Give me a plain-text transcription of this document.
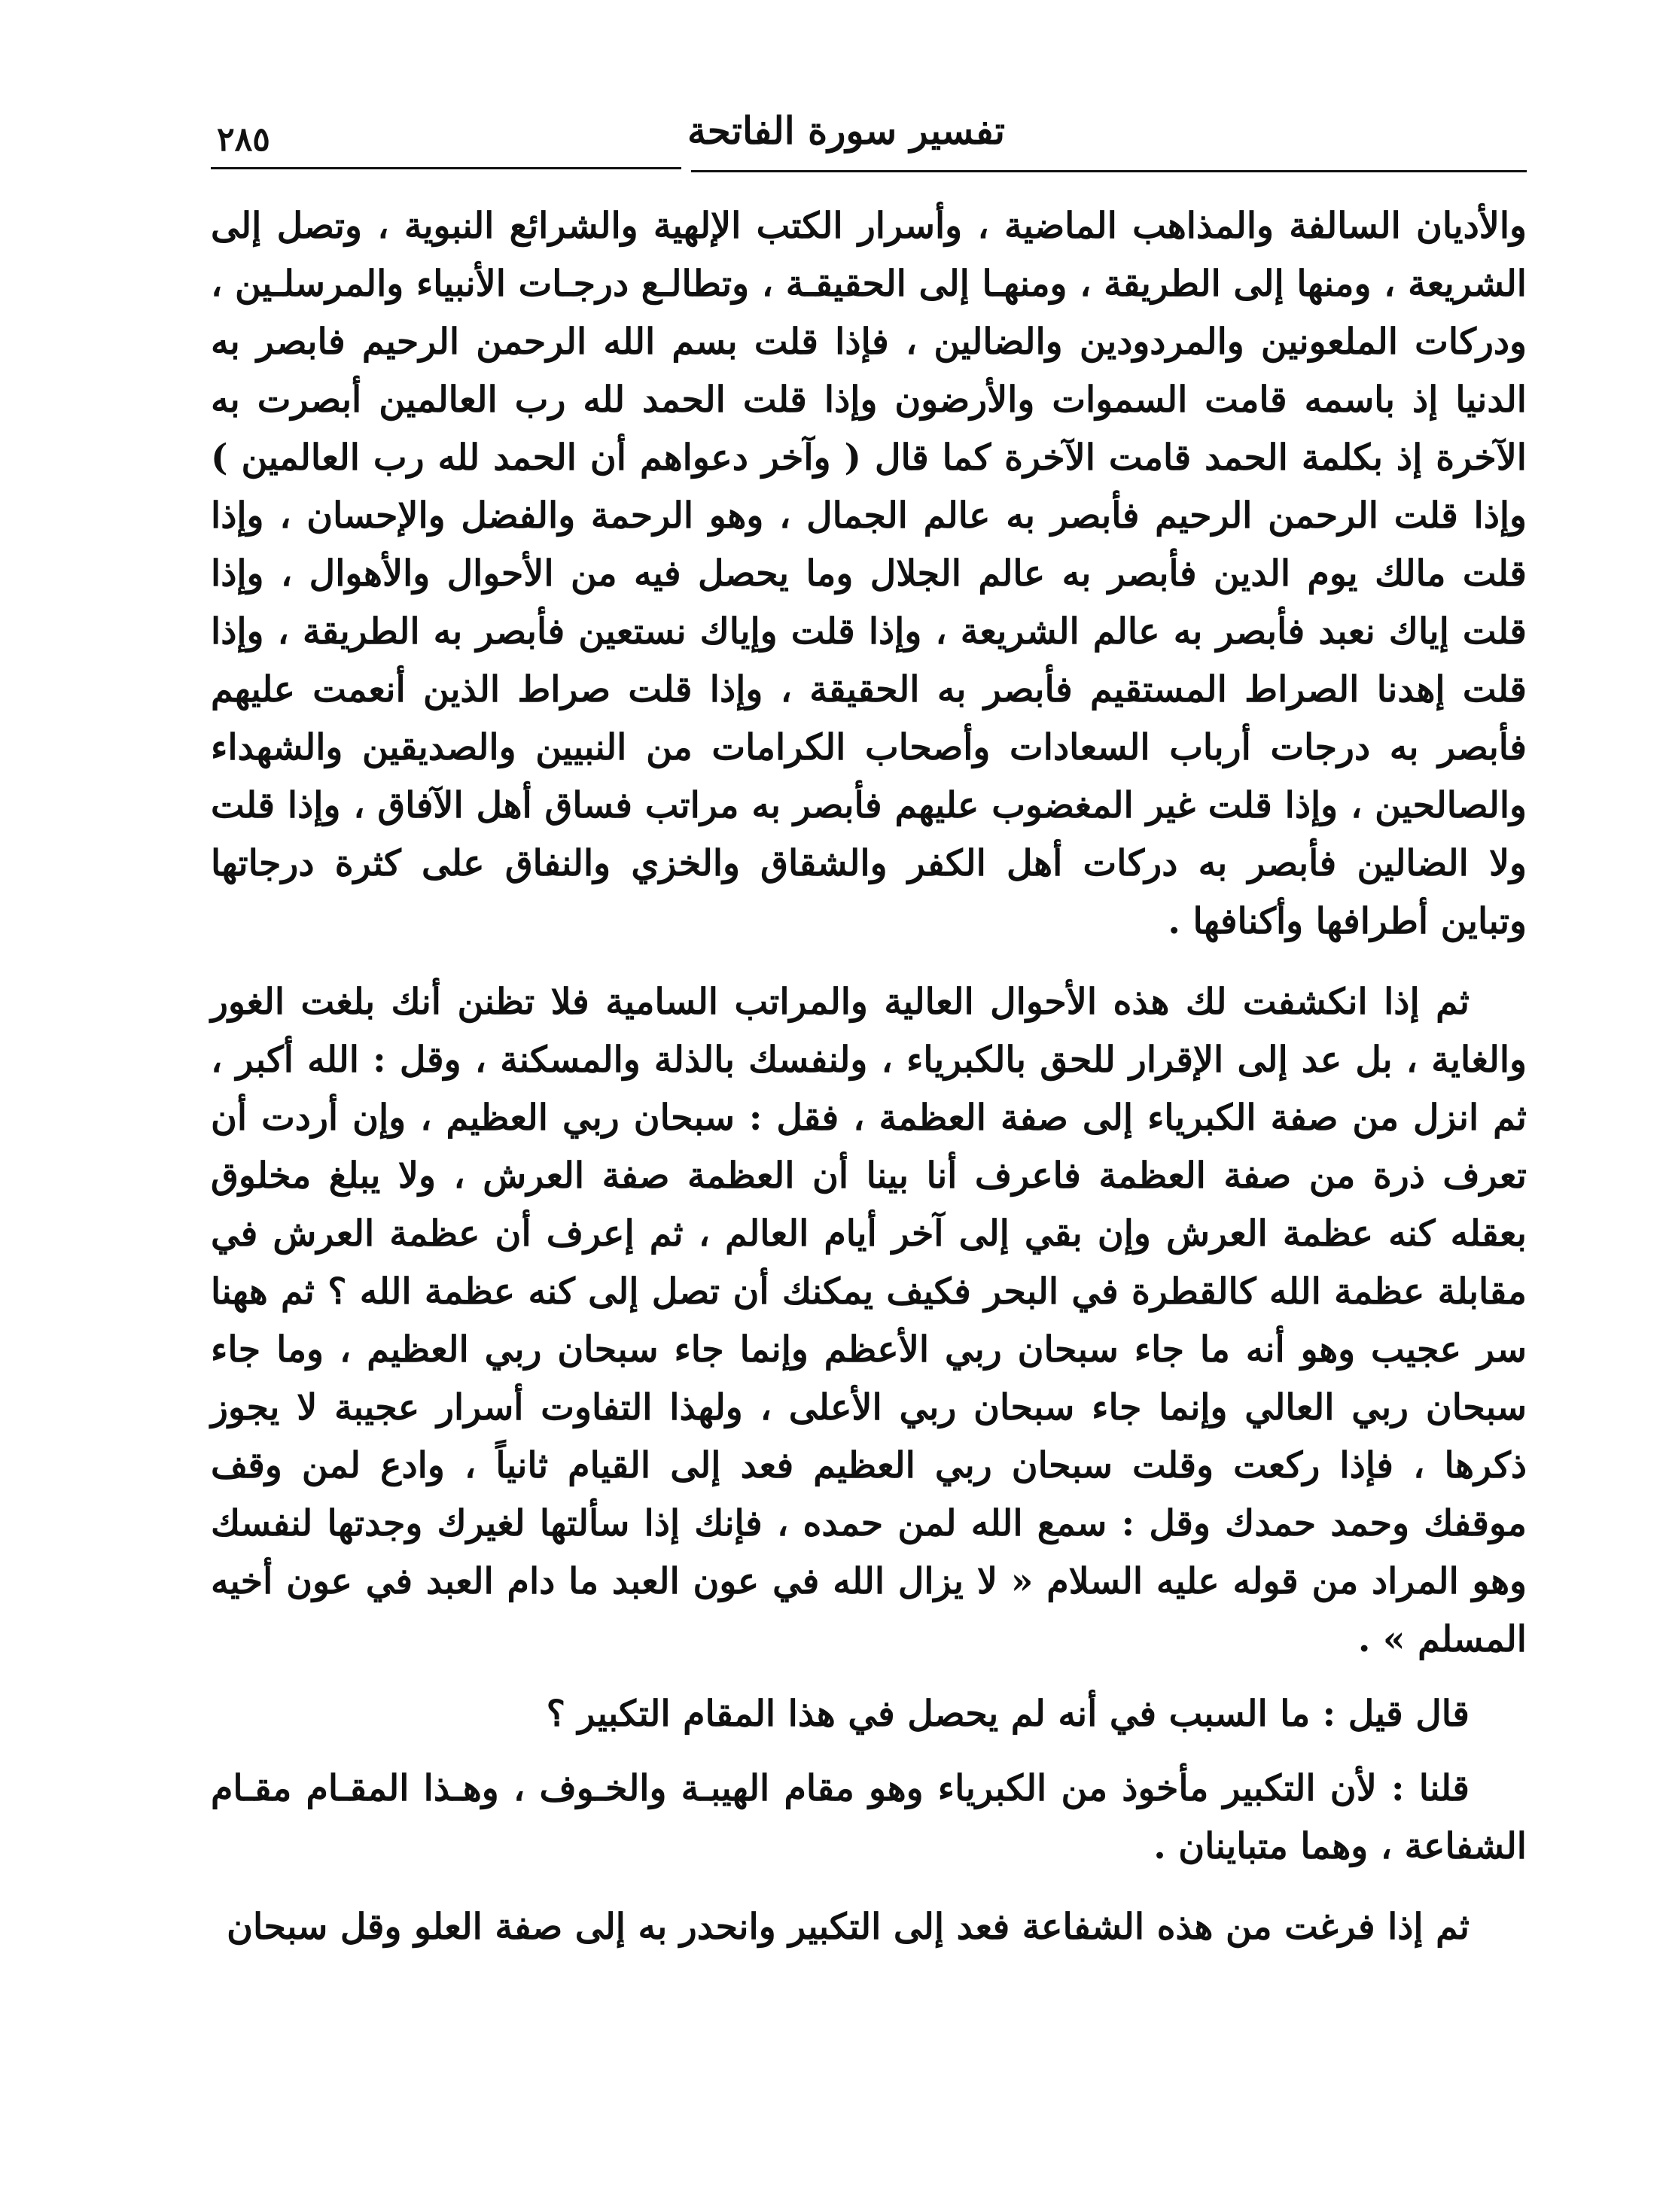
تفسير سورة الفاتحة
٢٨٥

والأديان السالفة والمذاهب الماضية ، وأسرار الكتب الإلهية والشرائع النبوية ، وتصل إلى الشريعة ، ومنها إلى الطريقة ، ومنهـا إلى الحقيقـة ، وتطالـع درجـات الأنبياء والمرسلـين ، ودركات الملعونين والمردودين والضالين ، فإذا قلت بسم الله الرحمن الرحيم فابصر به الدنيا إذ باسمه قامت السموات والأرضون وإذا قلت الحمد لله رب العالمين أبصرت به الآخرة إذ بكلمة الحمد قامت الآخرة كما قال ( وآخر دعواهم أن الحمد لله رب العالمين ) وإذا قلت الرحمن الرحيم فأبصر به عالم الجمال ، وهو الرحمة والفضل والإحسان ، وإذا قلت مالك يوم الدين فأبصر به عالم الجلال وما يحصل فيه من الأحوال والأهوال ، وإذا قلت إياك نعبد فأبصر به عالم الشريعة ، وإذا قلت وإياك نستعين فأبصر به الطريقة ، وإذا قلت إهدنا الصراط المستقيم فأبصر به الحقيقة ، وإذا قلت صراط الذين أنعمت عليهم فأبصر به درجات أرباب السعادات وأصحاب الكرامات من النبيين والصديقين والشهداء والصالحين ، وإذا قلت غير المغضوب عليهم فأبصر به مراتب فساق أهل الآفاق ، وإذا قلت ولا الضالين فأبصر به دركات أهل الكفر والشقاق والخزي والنفاق على كثرة درجاتها وتباين أطرافها وأكنافها .

ثم إذا انكشفت لك هذه الأحوال العالية والمراتب السامية فلا تظنن أنك بلغت الغور والغاية ، بل عد إلى الإقرار للحق بالكبرياء ، ولنفسك بالذلة والمسكنة ، وقل : الله أكبر ، ثم انزل من صفة الكبرياء إلى صفة العظمة ، فقل : سبحان ربي العظيم ، وإن أردت أن تعرف ذرة من صفة العظمة فاعرف أنا بينا أن العظمة صفة العرش ، ولا يبلغ مخلوق بعقله كنه عظمة العرش وإن بقي إلى آخر أيام العالم ، ثم إعرف أن عظمة العرش في مقابلة عظمة الله كالقطرة في البحر فكيف يمكنك أن تصل إلى كنه عظمة الله ؟ ثم ههنا سر عجيب وهو أنه ما جاء سبحان ربي الأعظم وإنما جاء سبحان ربي العظيم ، وما جاء سبحان ربي العالي وإنما جاء سبحان ربي الأعلى ، ولهذا التفاوت أسرار عجيبة لا يجوز ذكرها ، فإذا ركعت وقلت سبحان ربي العظيم فعد إلى القيام ثانياً ، وادع لمن وقف موقفك وحمد حمدك وقل : سمع الله لمن حمده ، فإنك إذا سألتها لغيرك وجدتها لنفسك وهو المراد من قوله عليه السلام « لا يزال الله في عون العبد ما دام العبد في عون أخيه المسلم » .

قال قيل : ما السبب في أنه لم يحصل في هذا المقام التكبير ؟

قلنا : لأن التكبير مأخوذ من الكبرياء وهو مقام الهيبـة والخـوف ، وهـذا المقـام مقـام الشفاعة ، وهما متباينان .

ثم إذا فرغت من هذه الشفاعة فعد إلى التكبير وانحدر به إلى صفة العلو وقل سبحان
